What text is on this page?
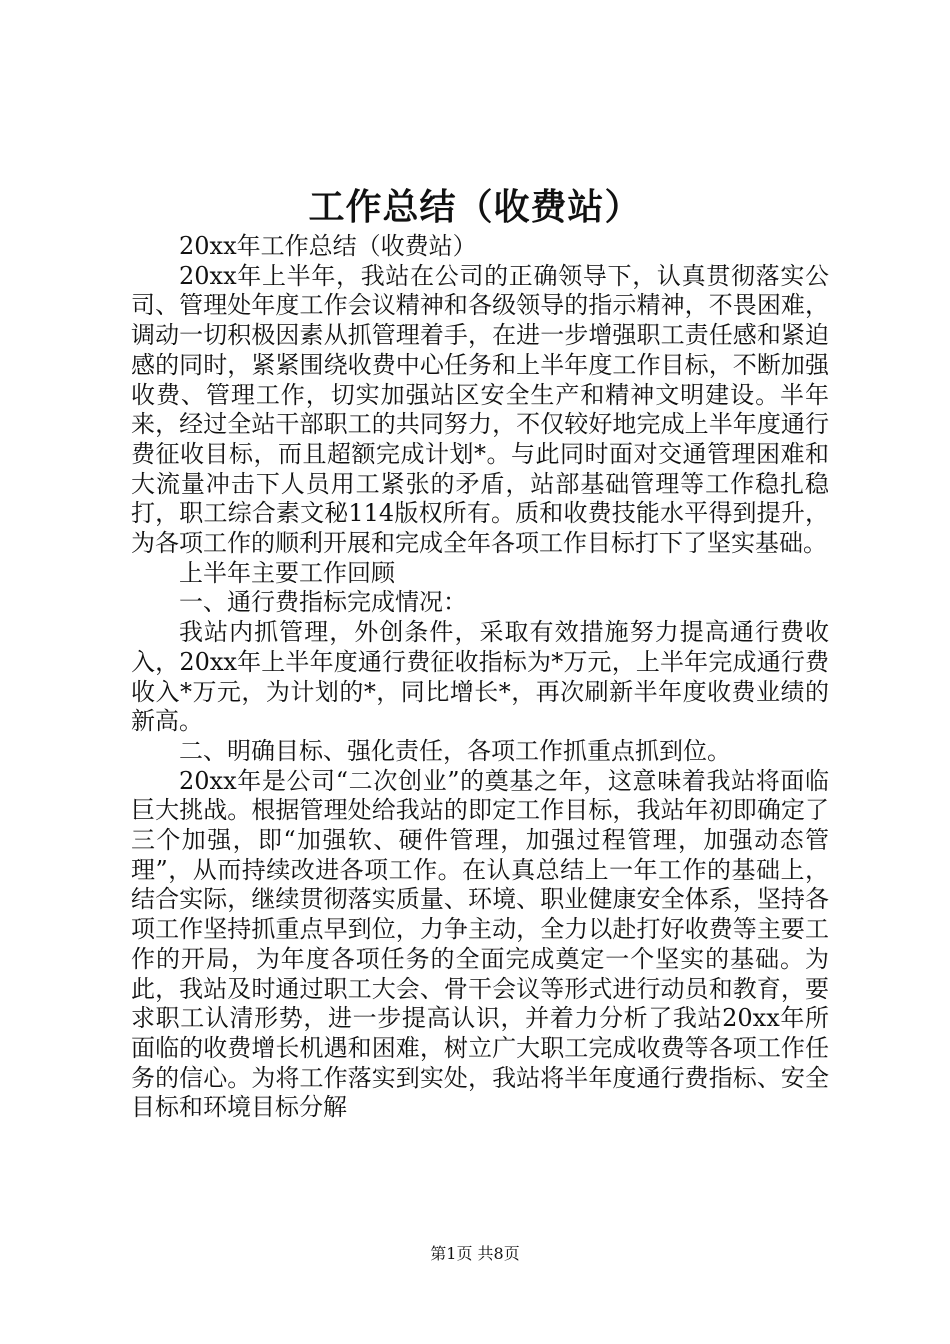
工作总结（收费站）

20xx年工作总结（收费站）

20xx年上半年，我站在公司的正确领导下，认真贯彻落实公司、管理处年度工作会议精神和各级领导的指示精神，不畏困难，调动一切积极因素从抓管理着手，在进一步增强职工责任感和紧迫感的同时，紧紧围绕收费中心任务和上半年度工作目标，不断加强收费、管理工作，切实加强站区安全生产和精神文明建设。半年来，经过全站干部职工的共同努力，不仅较好地完成上半年度通行费征收目标，而且超额完成计划*。与此同时面对交通管理困难和大流量冲击下人员用工紧张的矛盾，站部基础管理等工作稳扎稳打，职工综合素文秘114版权所有。质和收费技能水平得到提升，为各项工作的顺利开展和完成全年各项工作目标打下了坚实基础。

上半年主要工作回顾

一、通行费指标完成情况：

我站内抓管理，外创条件，采取有效措施努力提高通行费收入，20xx年上半年度通行费征收指标为*万元，上半年完成通行费收入*万元，为计划的*，同比增长*，再次刷新半年度收费业绩的新高。

二、明确目标、强化责任，各项工作抓重点抓到位。

20xx年是公司“二次创业”的奠基之年，这意味着我站将面临巨大挑战。根据管理处给我站的即定工作目标，我站年初即确定了三个加强，即“加强软、硬件管理，加强过程管理，加强动态管理”，从而持续改进各项工作。在认真总结上一年工作的基础上，结合实际，继续贯彻落实质量、环境、职业健康安全体系，坚持各项工作坚持抓重点早到位，力争主动，全力以赴打好收费等主要工作的开局，为年度各项任务的全面完成奠定一个坚实的基础。为此，我站及时通过职工大会、骨干会议等形式进行动员和教育，要求职工认清形势，进一步提高认识，并着力分析了我站20xx年所面临的收费增长机遇和困难，树立广大职工完成收费等各项工作任务的信心。为将工作落实到实处，我站将半年度通行费指标、安全目标和环境目标分解

第1页 共8页
